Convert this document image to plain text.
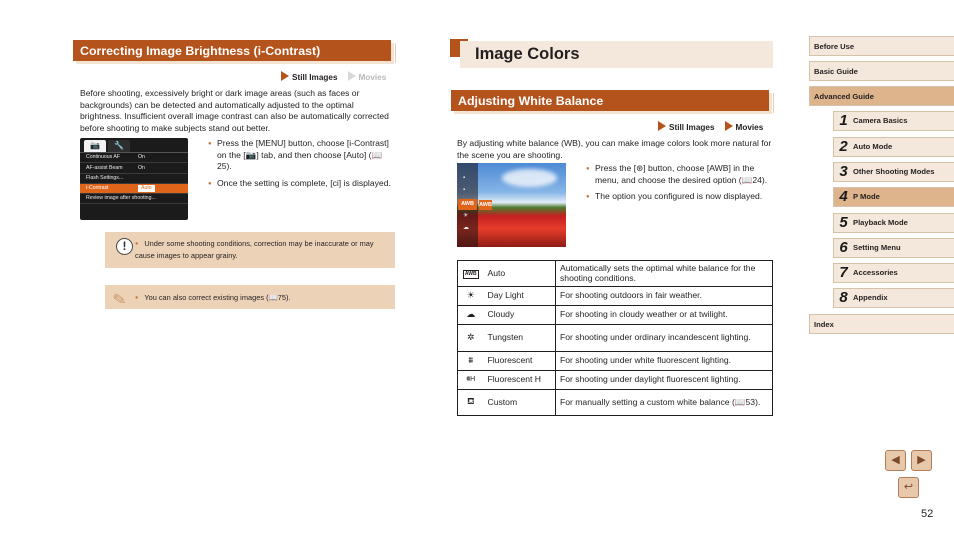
Correcting Image Brightness (i-Contrast)
Still Images	Movies
Before shooting, excessively bright or dark image areas (such as faces or backgrounds) can be detected and automatically adjusted to the optimal brightness. Insufficient overall image contrast can also be automatically corrected before shooting to make subjects stand out better.
📷	🔧
Continuous AF	On
AF-assist Beam	On
Flash Settings...
i-Contrast	Auto
Review image after shooting...
● Press the [MENU] button, choose [i-Contrast] on the [📷] tab, and then choose [Auto] (📖25).
● Once the setting is complete, [ᴄi] is displayed.
!	● Under some shooting conditions, correction may be inaccurate or may cause images to appear grainy.
✎	● You can also correct existing images (📖75).
Image Colors
Adjusting White Balance
Still Images	Movies
By adjusting white balance (WB), you can make image colors look more natural for the scene you are shooting.
▪
▪
AWB AWB
☀
☁
● Press the [⊛] button, choose [AWB] in the menu, and choose the desired option (📖24).
● The option you configured is now displayed.
AWB	Auto	Automatically sets the optimal white balance for the shooting conditions.
☀	Day Light	For shooting outdoors in fair weather.
☁	Cloudy	For shooting in cloudy weather or at twilight.
✲	Tungsten	For shooting under ordinary incandescent lighting.
⩩	Fluorescent	For shooting under white fluorescent lighting.
⩩H	Fluorescent H	For shooting under daylight fluorescent lighting.
⛾	Custom	For manually setting a custom white balance (📖53).
Before Use
Basic Guide
Advanced Guide
1 Camera Basics
2 Auto Mode
3 Other Shooting Modes
4 P Mode
5 Playback Mode
6 Setting Menu
7 Accessories
8 Appendix
Index
◀	▶
↩
52
